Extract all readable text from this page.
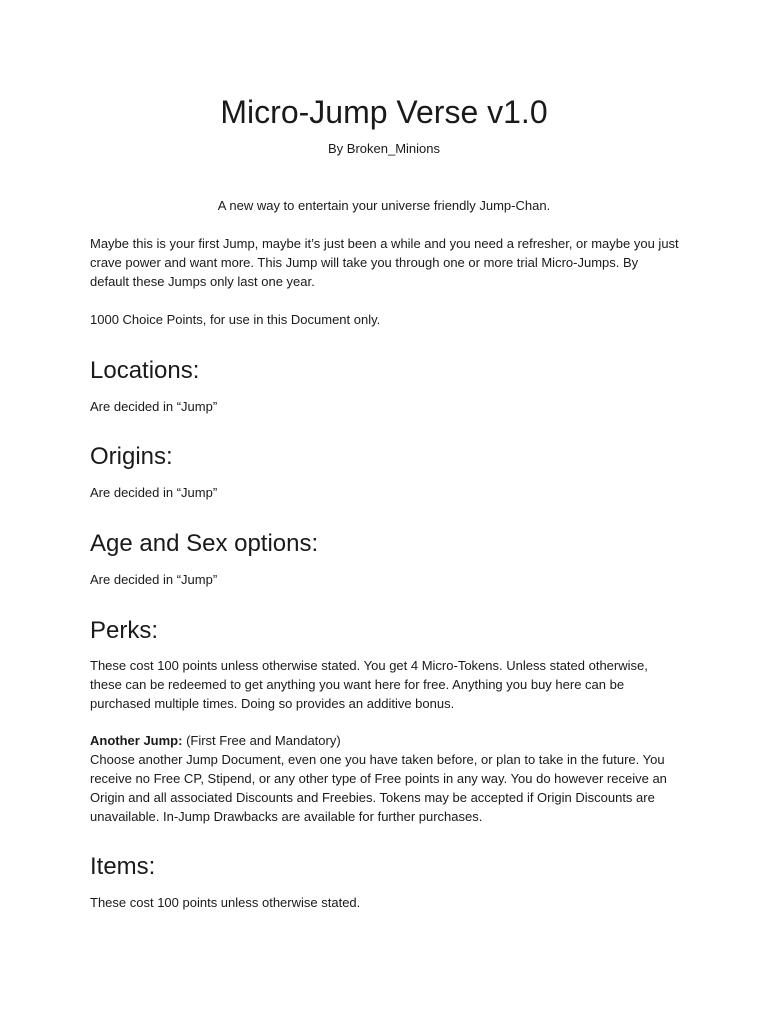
Micro-Jump Verse v1.0

By Broken_Minions

A new way to entertain your universe friendly Jump-Chan.

Maybe this is your first Jump, maybe it’s just been a while and you need a refresher, or maybe you just crave power and want more. This Jump will take you through one or more trial Micro-Jumps. By default these Jumps only last one year.

1000 Choice Points, for use in this Document only.

Locations:

Are decided in “Jump”

Origins:

Are decided in “Jump”

Age and Sex options:

Are decided in “Jump”

Perks:

These cost 100 points unless otherwise stated. You get 4 Micro-Tokens. Unless stated otherwise, these can be redeemed to get anything you want here for free. Anything you buy here can be purchased multiple times. Doing so provides an additive bonus.

Another Jump: (First Free and Mandatory)
Choose another Jump Document, even one you have taken before, or plan to take in the future. You receive no Free CP, Stipend, or any other type of Free points in any way. You do however receive an Origin and all associated Discounts and Freebies. Tokens may be accepted if Origin Discounts are unavailable. In-Jump Drawbacks are available for further purchases.

Items:

These cost 100 points unless otherwise stated.
